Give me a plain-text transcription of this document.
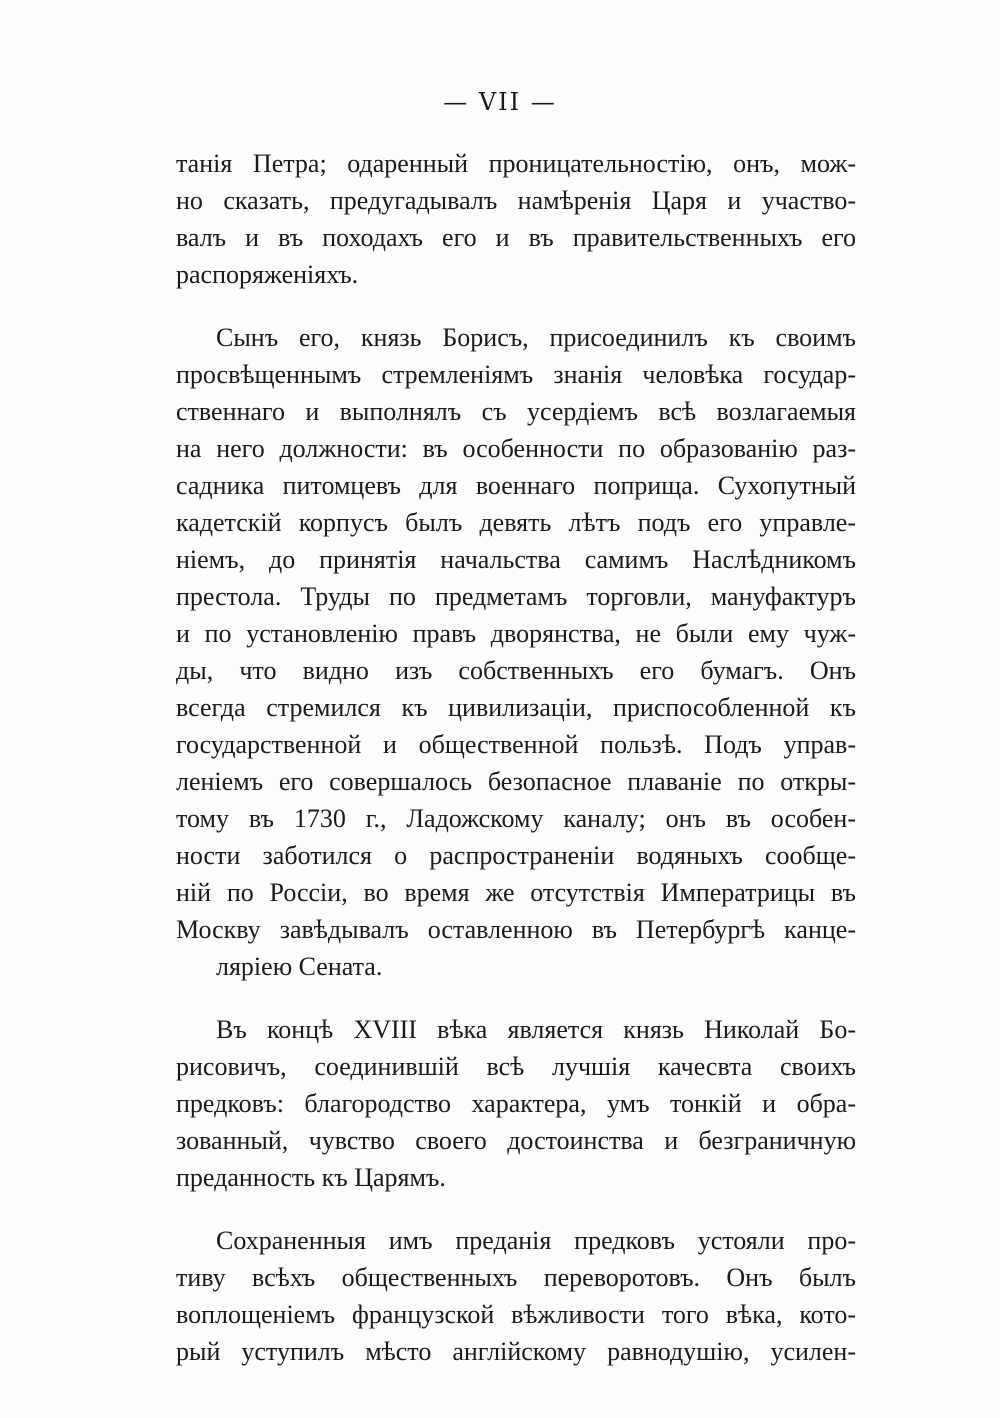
— VII —
танія Петра; одаренный проницательностію, онъ, мож-
но сказать, предугадывалъ намѣренія Царя и участво-
валъ и въ походахъ его и въ правительственныхъ его
распоряженіяхъ.
Сынъ его, князь Борисъ, присоединилъ къ своимъ
просвѣщеннымъ стремленіямъ знанія человѣка государ-
ственнаго и выполнялъ съ усердіемъ всѣ возлагаемыя
на него должности: въ особенности по образованію раз-
садника питомцевъ для военнаго поприща. Сухопутный
кадетскій корпусъ былъ девять лѣтъ подъ его управле-
ніемъ, до принятія начальства самимъ Наслѣдникомъ
престола. Труды по предметамъ торговли, мануфактуръ
и по установленію правъ дворянства, не были ему чуж-
ды, что видно изъ собственныхъ его бумагъ. Онъ
всегда стремился къ цивилизаціи, приспособленной къ
государственной и общественной пользѣ. Подъ управ-
леніемъ его совершалось безопасное плаваніе по откры-
тому въ 1730 г., Ладожскому каналу; онъ въ особен-
ности заботился о распространеніи водяныхъ сообще-
ній по Россіи, во время же отсутствія Императрицы въ
Москву завѣдывалъ оставленною въ Петербургѣ канце-
ляріею Сената.
Въ концѣ XVIII вѣка является князь Николай Бо-
рисовичъ, соединившій всѣ лучшія качесвта своихъ
предковъ: благородство характера, умъ тонкій и обра-
зованный, чувство своего достоинства и безграничную
преданность къ Царямъ.
Сохраненныя имъ преданія предковъ устояли про-
тиву всѣхъ общественныхъ переворотовъ. Онъ былъ
воплощеніемъ французской вѣжливости того вѣка, кото-
рый уступилъ мѣсто англійскому равнодушію, усилен-
